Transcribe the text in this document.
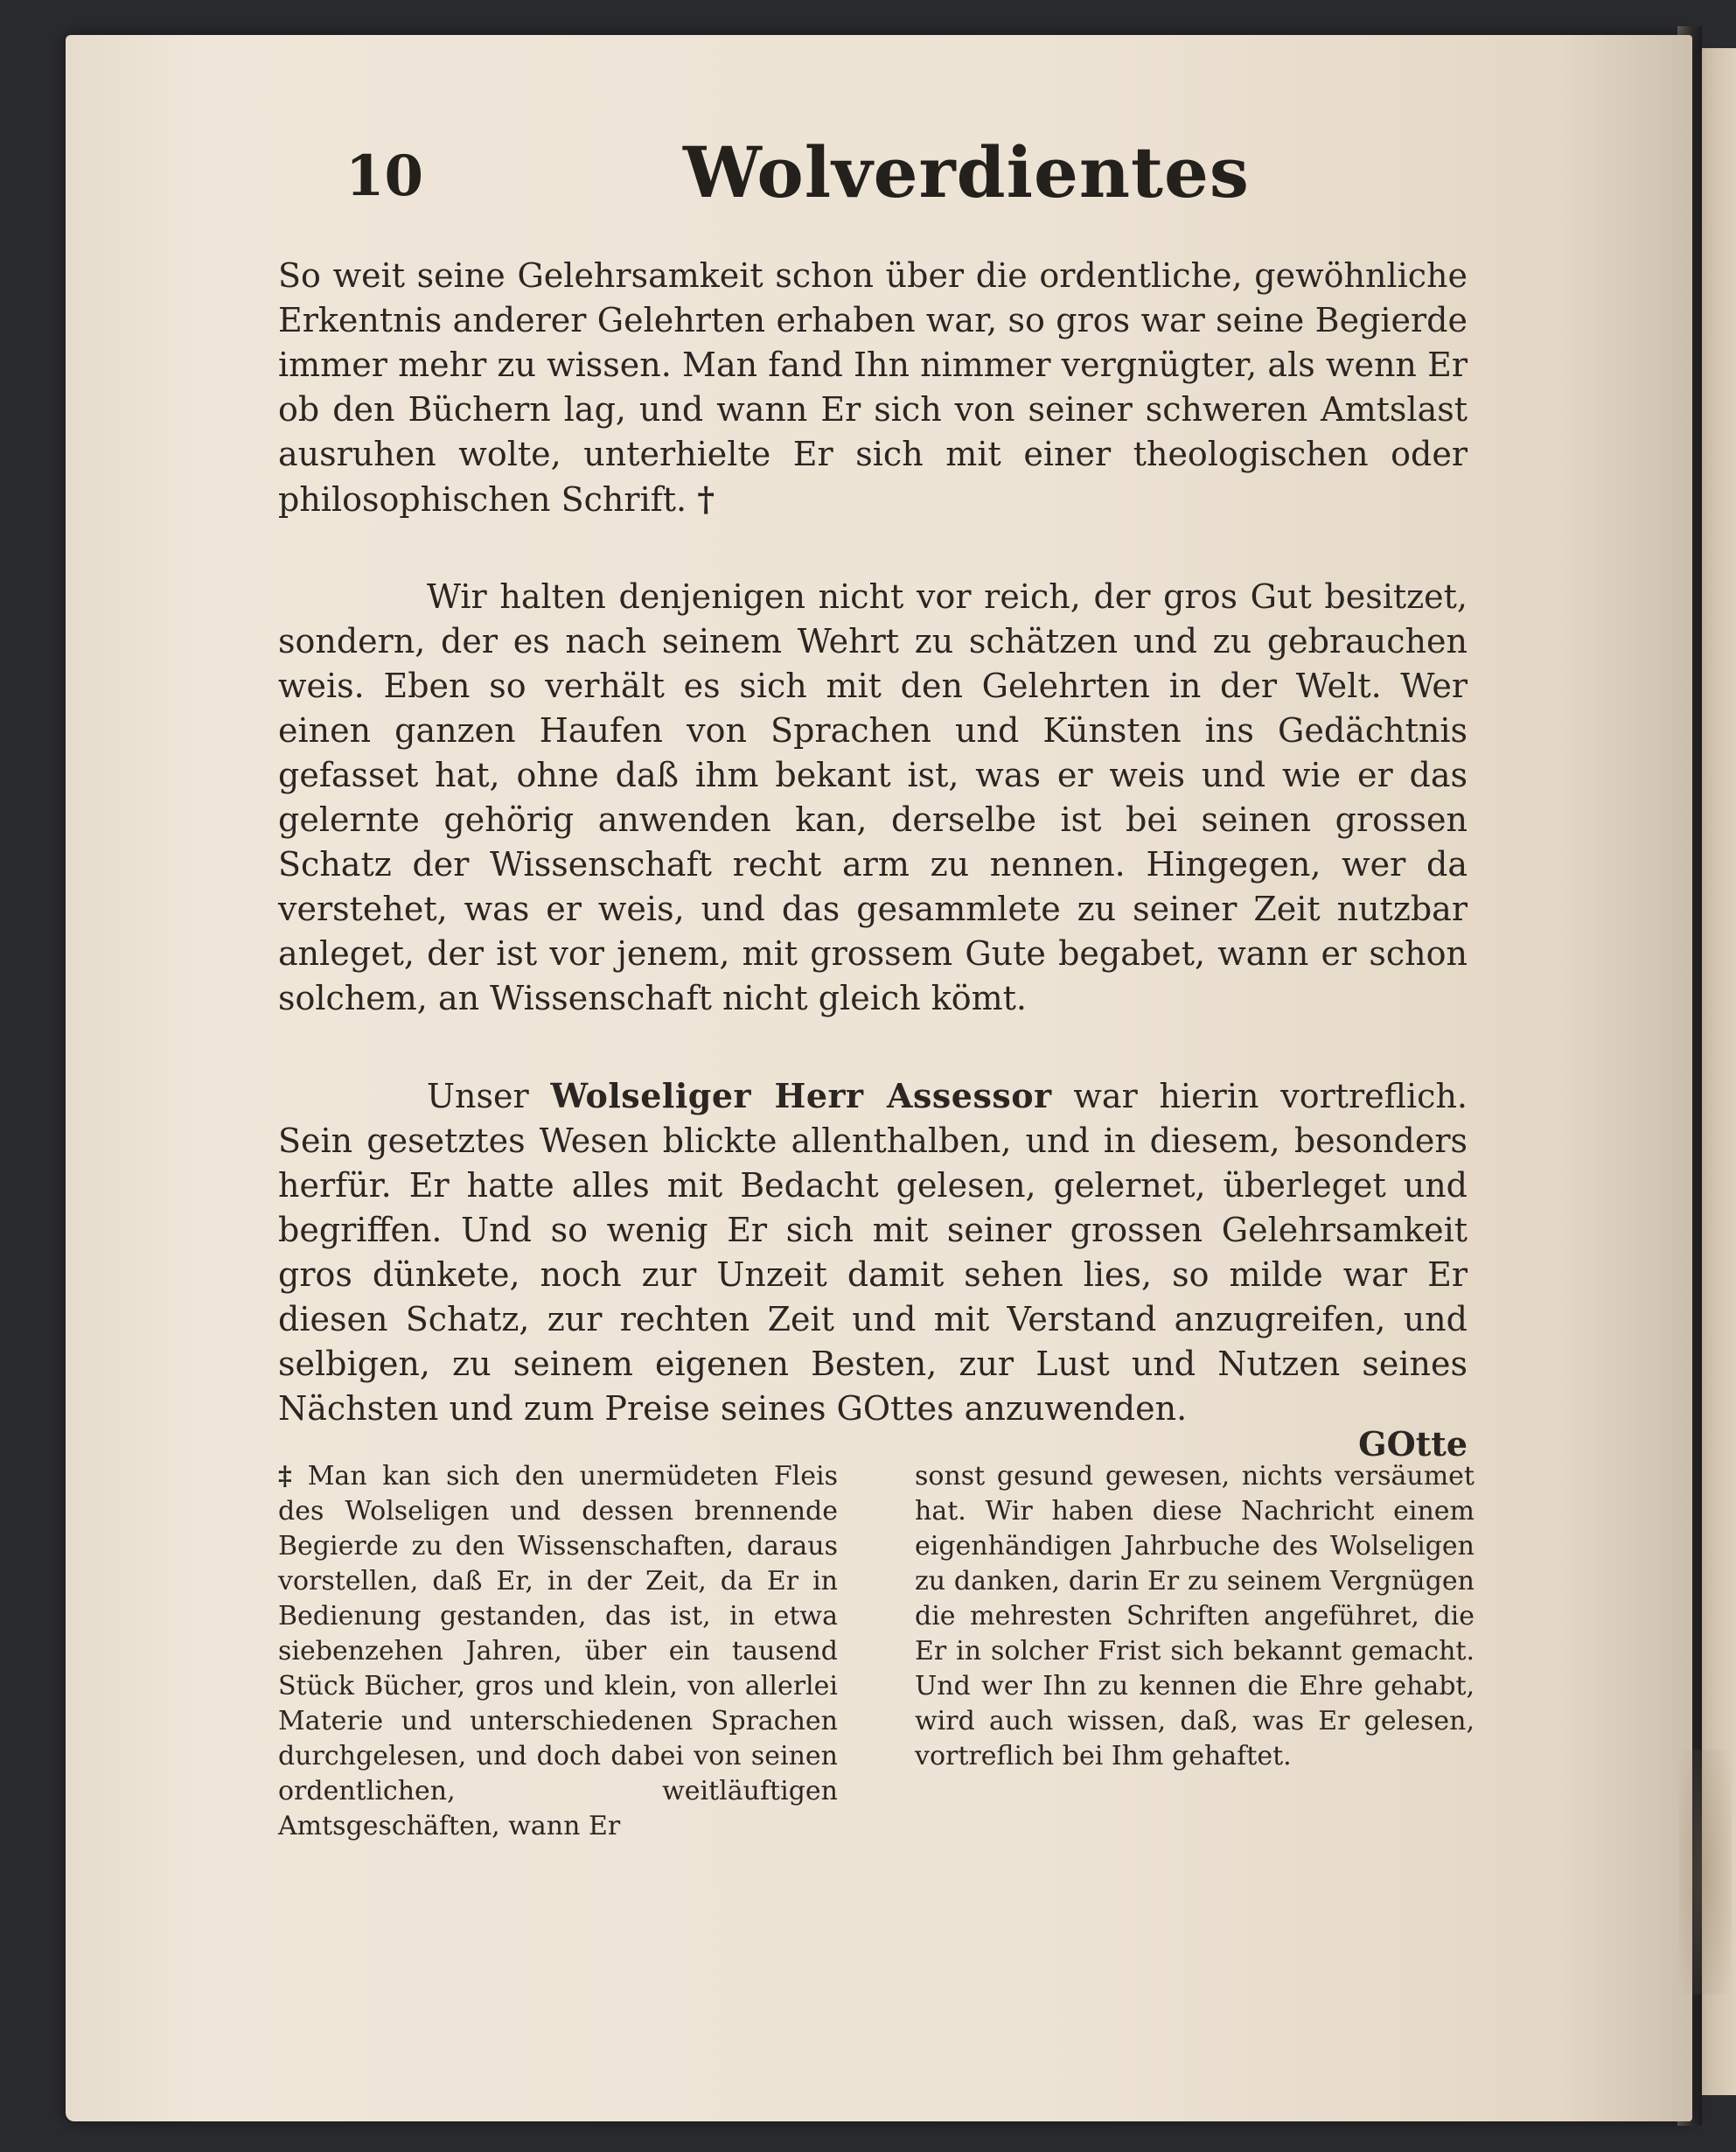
10	Wolverdientes

So weit seine Gelehrsamkeit schon über die ordentliche, gewöhnliche Erkentnis anderer Gelehrten erhaben war, so gros war seine Begierde immer mehr zu wissen. Man fand Ihn nimmer vergnügter, als wenn Er ob den Büchern lag, und wann Er sich von seiner schweren Amtslast ausruhen wolte, unterhielte Er sich mit einer theologischen oder philosophischen Schrift. †

Wir halten denjenigen nicht vor reich, der gros Gut besitzet, sondern, der es nach seinem Wehrt zu schätzen und zu gebrauchen weis. Eben so verhält es sich mit den Gelehrten in der Welt. Wer einen ganzen Haufen von Sprachen und Künsten ins Gedächtnis gefasset hat, ohne daß ihm bekant ist, was er weis und wie er das gelernte gehörig anwenden kan, derselbe ist bei seinen grossen Schatz der Wissenschaft recht arm zu nennen. Hingegen, wer da verstehet, was er weis, und das gesammlete zu seiner Zeit nutzbar anleget, der ist vor jenem, mit grossem Gute begabet, wann er schon solchem, an Wissenschaft nicht gleich kömt.

Unser Wolseliger Herr Assessor war hierin vortreflich. Sein gesetztes Wesen blickte allenthalben, und in diesem, besonders herfür. Er hatte alles mit Bedacht gelesen, gelernet, überleget und begriffen. Und so wenig Er sich mit seiner grossen Gelehrsamkeit gros dünkete, noch zur Unzeit damit sehen lies, so milde war Er diesen Schatz, zur rechten Zeit und mit Verstand anzugreifen, und selbigen, zu seinem eigenen Besten, zur Lust und Nutzen seines Nächsten und zum Preise seines GOttes anzuwenden.

GOtte
‡ Man kan sich den unermüdeten Fleis des Wolseligen und dessen brennende Begierde zu den Wissenschaften, daraus vorstellen, daß Er, in der Zeit, da Er in Bedienung gestanden, das ist, in etwa siebenzehen Jahren, über ein tausend Stück Bücher, gros und klein, von allerlei Materie und unterschiedenen Sprachen durchgelesen, und doch dabei von seinen ordentlichen, weitläuftigen Amtsgeschäften, wann Er
sonst gesund gewesen, nichts versäumet hat. Wir haben diese Nachricht einem eigenhändigen Jahrbuche des Wolseligen zu danken, darin Er zu seinem Vergnügen die mehresten Schriften angeführet, die Er in solcher Frist sich bekannt gemacht. Und wer Ihn zu kennen die Ehre gehabt, wird auch wissen, daß, was Er gelesen, vortreflich bei Ihm gehaftet.
